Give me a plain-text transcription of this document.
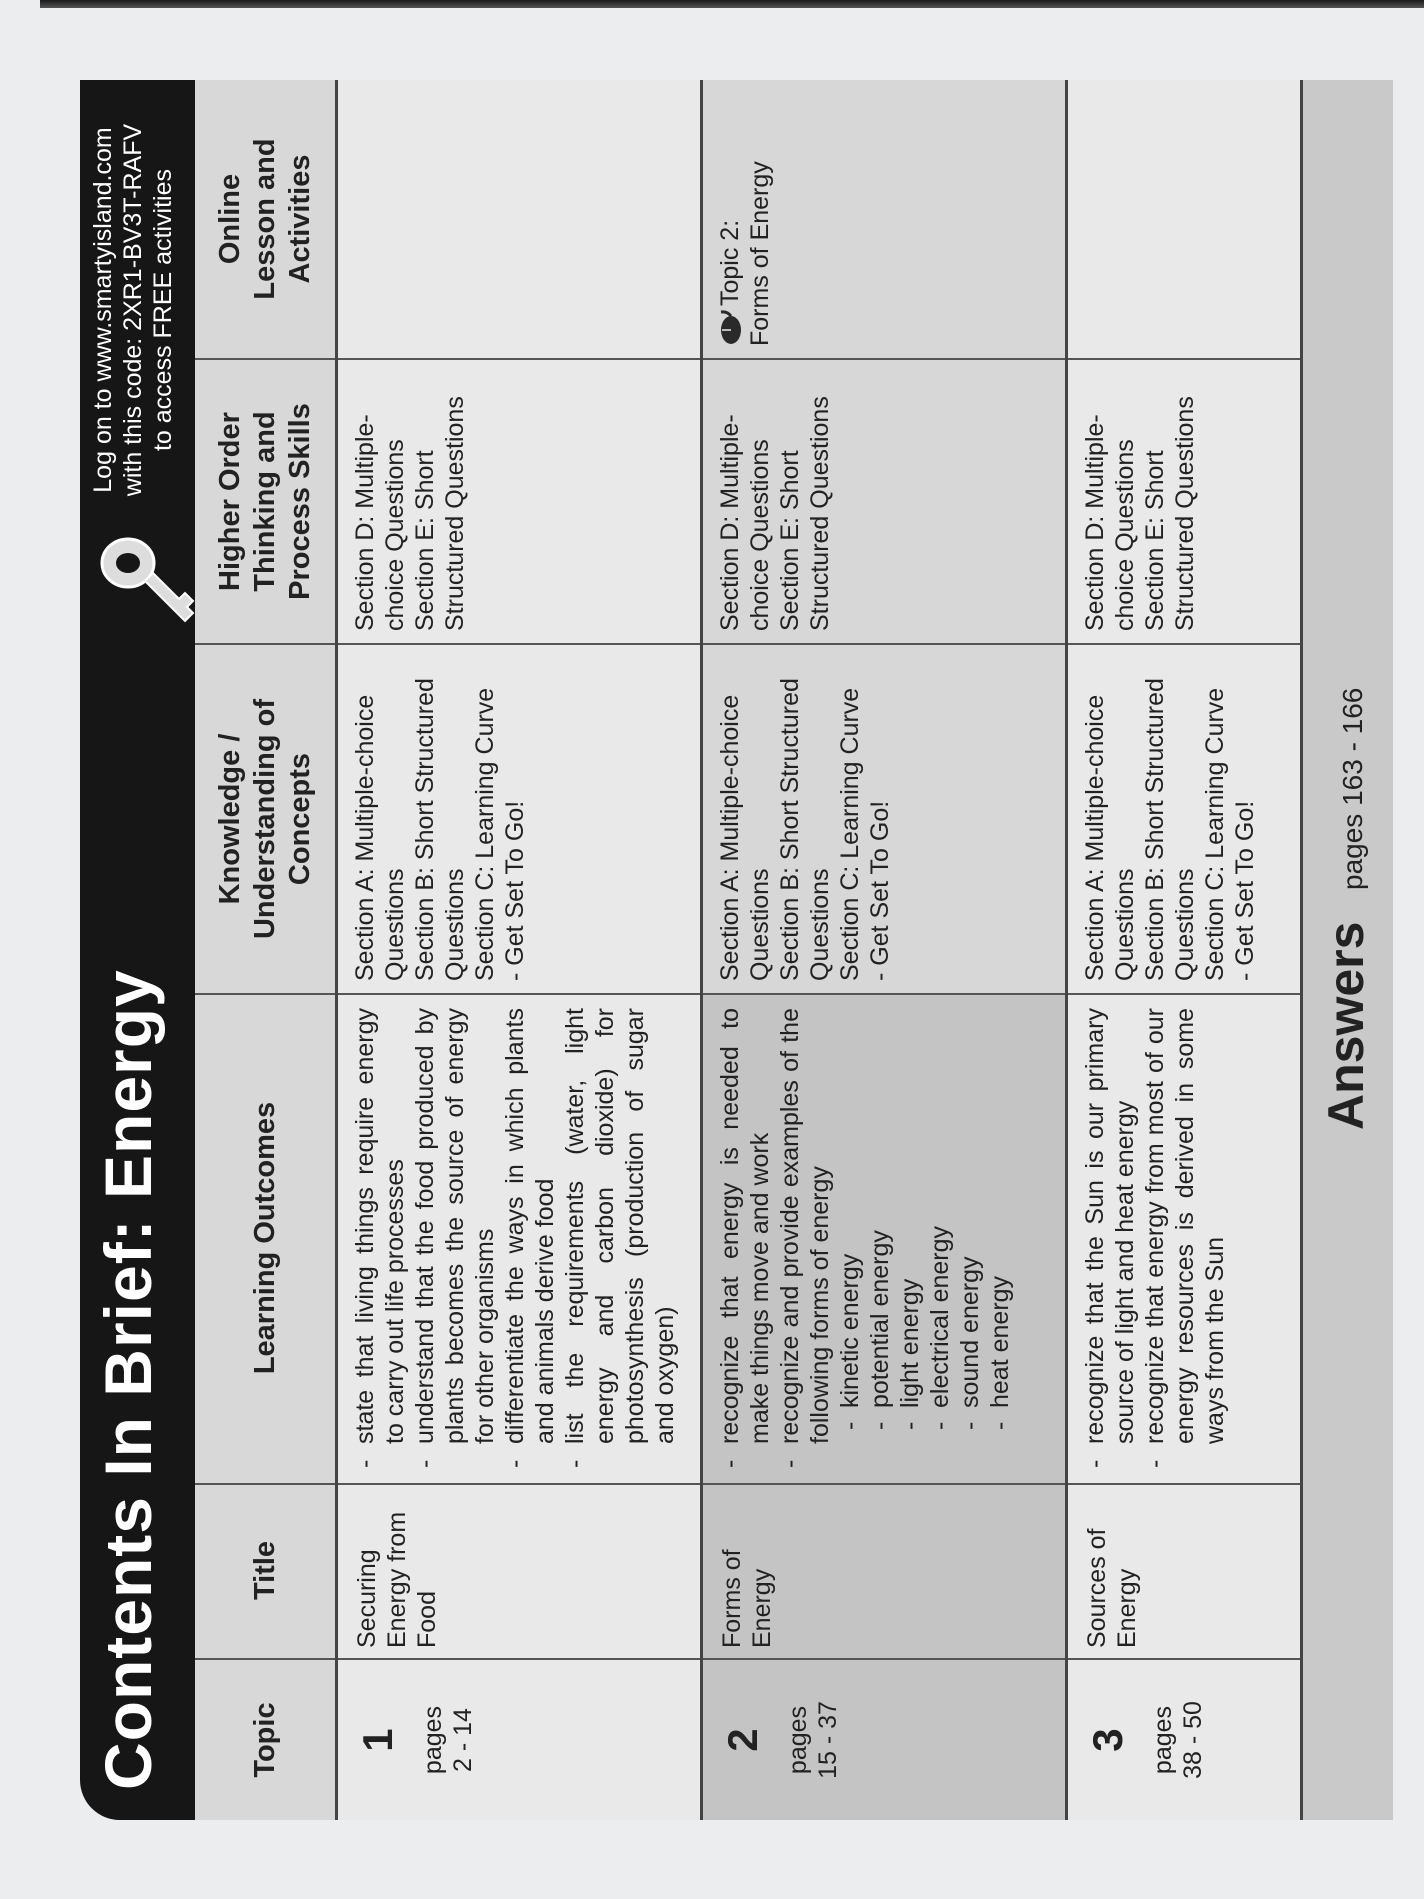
Contents In Brief: Energy
Log on to www.smartyisland.com with this code: 2XR1-BV3T-RAFV to access FREE activities
Topic
Title
Learning Outcomes
Knowledge / Understanding of Concepts
Higher Order Thinking and Process Skills
Online Lesson and Activities
1 pages 2 - 14
Securing Energy from Food
- state that living things require energy to carry out life processes - understand that the food produced by plants becomes the source of energy for other organisms - differentiate the ways in which plants and animals derive food - list the requirements (water, light energy and carbon dioxide) for photosynthesis (production of sugar and oxygen)
Section A: Multiple-choice Questions Section B: Short Structured Questions Section C: Learning Curve - Get Set To Go!
Section D: Multiple- choice Questions Section E: Short Structured Questions
2 pages 15 - 37
Forms of Energy
- recognize that energy is needed to make things move and work - recognize and provide examples of the following forms of energy - kinetic energy - potential energy - light energy - electrical energy - sound energy - heat energy
Section A: Multiple-choice Questions Section B: Short Structured Questions Section C: Learning Curve - Get Set To Go!
Section D: Multiple- choice Questions Section E: Short Structured Questions
Topic 2: Forms of Energy
3 pages 38 - 50
Sources of Energy
- recognize that the Sun is our primary source of light and heat energy - recognize that energy from most of our energy resources is derived in some ways from the Sun
Section A: Multiple-choice Questions Section B: Short Structured Questions Section C: Learning Curve - Get Set To Go!
Section D: Multiple- choice Questions Section E: Short Structured Questions
Answers
pages 163 - 166
